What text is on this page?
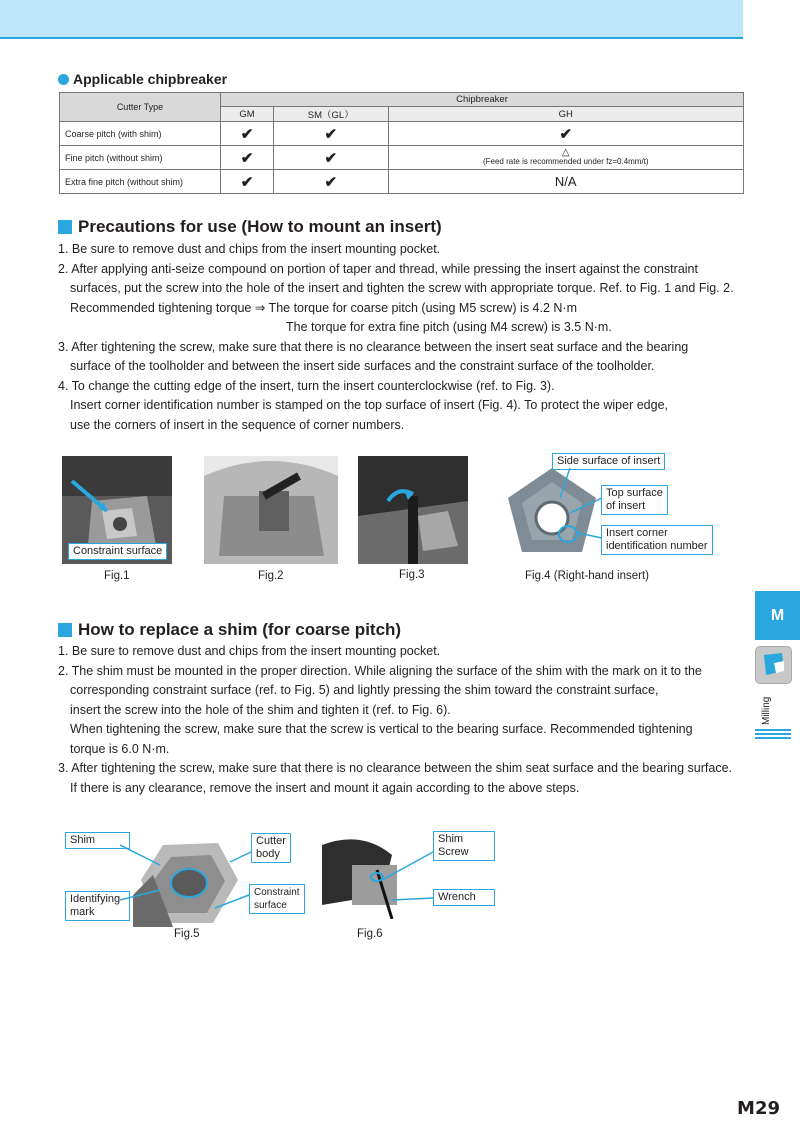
Applicable chipbreaker
Cutter Type	Chipbreaker		
	GM	SM（GL）	GH
Coarse pitch (with shim)	✔	✔	✔
Fine pitch (without shim)	✔	✔	△
(Feed rate is recommended under fz=0.4mm/t)

Extra fine pitch (without shim)	✔	✔	N/A
Precautions for use (How to mount an insert)

1. Be sure to remove dust and chips from the insert mounting pocket.

2. After applying anti-seize compound on portion of taper and thread, while pressing the insert against the constraint

surfaces, put the screw into the hole of the insert and tighten the screw with appropriate torque. Ref. to Fig. 1 and Fig. 2.

Recommended tightening torque ⇒ The torque for coarse pitch (using M5 screw) is 4.2 N·m

The torque for extra fine pitch (using M4 screw) is 3.5 N·m.

3. After tightening the screw, make sure that there is no clearance between the insert seat surface and the bearing

surface of the toolholder and between the insert side surfaces and the constraint surface of the toolholder.

4. To change the cutting edge of the insert, turn the insert counterclockwise (ref. to Fig. 3).

Insert corner identification number is stamped on the top surface of insert (Fig. 4). To protect the wiper edge,

use the corners of insert in the sequence of corner numbers.

Constraint surface
Side surface of insert
Top surface
of insert
Insert corner
identification number
Fig.1	Fig.2	Fig.3	Fig.4 (Right-hand insert)
How to replace a shim (for coarse pitch)

1. Be sure to remove dust and chips from the insert mounting pocket.

2. The shim must be mounted in the proper direction. While aligning the surface of the shim with the mark on it to the

corresponding constraint surface (ref. to Fig. 5) and lightly pressing the shim toward the constraint surface,

insert the screw into the hole of the shim and tighten it (ref. to Fig. 6).

When tightening the screw, make sure that the screw is vertical to the bearing surface. Recommended tightening

torque is 6.0 N·m.

3. After tightening the screw, make sure that there is no clearance between the shim seat surface and the bearing surface.

If there is any clearance, remove the insert and mount it again according to the above steps.

Shim	Cutter
body
Identifying
mark
Constraint
surface
Shim
Screw
Wrench
Fig.5	Fig.6
M
Milling
M29
